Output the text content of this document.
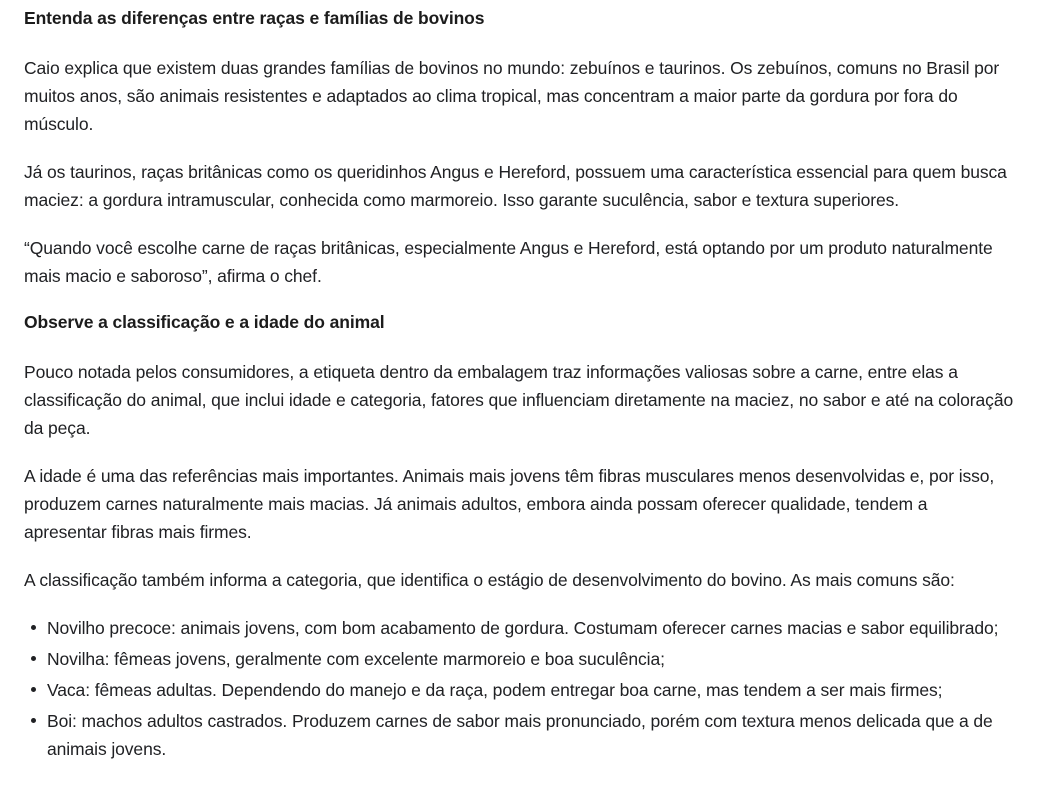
Entenda as diferenças entre raças e famílias de bovinos

Caio explica que existem duas grandes famílias de bovinos no mundo: zebuínos e taurinos. Os zebuínos, comuns no Brasil por muitos anos, são animais resistentes e adaptados ao clima tropical, mas concentram a maior parte da gordura por fora do músculo.

Já os taurinos, raças britânicas como os queridinhos Angus e Hereford, possuem uma característica essencial para quem busca maciez: a gordura intramuscular, conhecida como marmoreio. Isso garante suculência, sabor e textura superiores.

“Quando você escolhe carne de raças britânicas, especialmente Angus e Hereford, está optando por um produto naturalmente mais macio e saboroso”, afirma o chef.

Observe a classificação e a idade do animal

Pouco notada pelos consumidores, a etiqueta dentro da embalagem traz informações valiosas sobre a carne, entre elas a classificação do animal, que inclui idade e categoria, fatores que influenciam diretamente na maciez, no sabor e até na coloração da peça.

A idade é uma das referências mais importantes. Animais mais jovens têm fibras musculares menos desenvolvidas e, por isso, produzem carnes naturalmente mais macias. Já animais adultos, embora ainda possam oferecer qualidade, tendem a apresentar fibras mais firmes.

A classificação também informa a categoria, que identifica o estágio de desenvolvimento do bovino. As mais comuns são:

Novilho precoce: animais jovens, com bom acabamento de gordura. Costumam oferecer carnes macias e sabor equilibrado;
Novilha: fêmeas jovens, geralmente com excelente marmoreio e boa suculência;
Vaca: fêmeas adultas. Dependendo do manejo e da raça, podem entregar boa carne, mas tendem a ser mais firmes;
Boi: machos adultos castrados. Produzem carnes de sabor mais pronunciado, porém com textura menos delicada que a de animais jovens.
